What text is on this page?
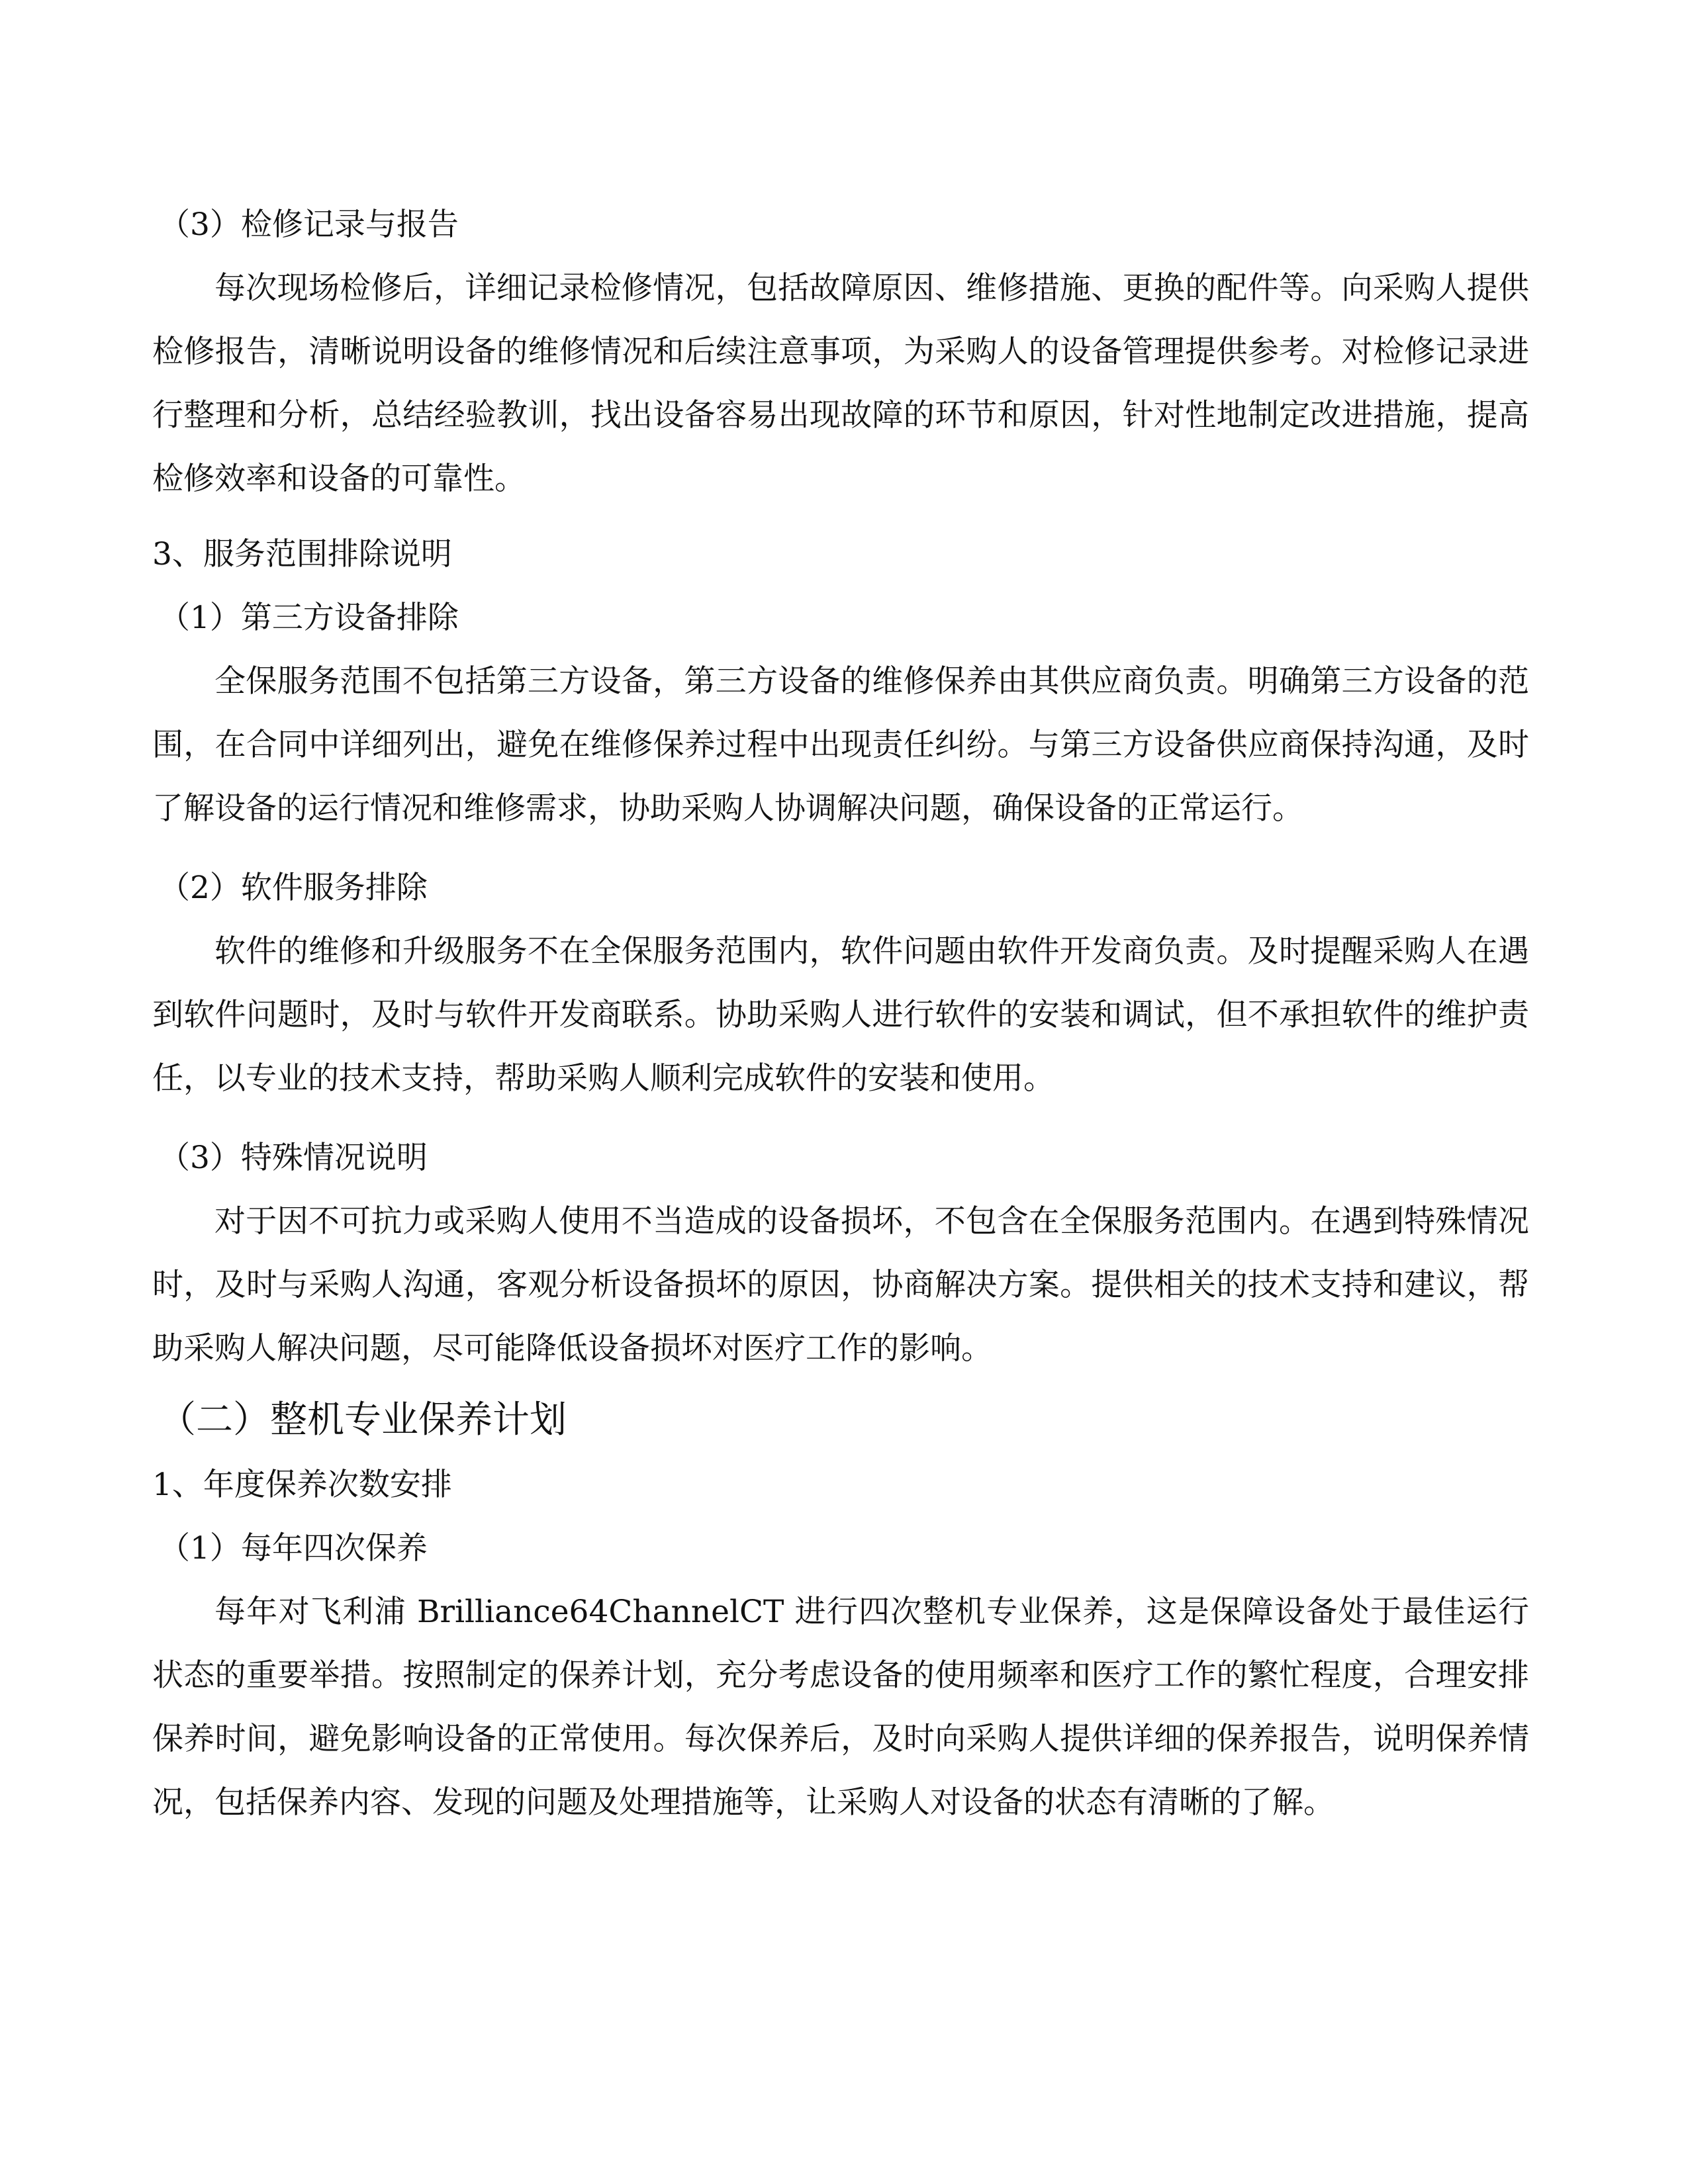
（3）检修记录与报告

每次现场检修后，详细记录检修情况，包括故障原因、维修措施、更换的配件等。向采购人提供检修报告，清晰说明设备的维修情况和后续注意事项，为采购人的设备管理提供参考。对检修记录进行整理和分析，总结经验教训，找出设备容易出现故障的环节和原因，针对性地制定改进措施，提高检修效率和设备的可靠性。

3、服务范围排除说明

（1）第三方设备排除

全保服务范围不包括第三方设备，第三方设备的维修保养由其供应商负责。明确第三方设备的范围，在合同中详细列出，避免在维修保养过程中出现责任纠纷。与第三方设备供应商保持沟通，及时了解设备的运行情况和维修需求，协助采购人协调解决问题，确保设备的正常运行。

（2）软件服务排除

软件的维修和升级服务不在全保服务范围内，软件问题由软件开发商负责。及时提醒采购人在遇到软件问题时，及时与软件开发商联系。协助采购人进行软件的安装和调试，但不承担软件的维护责任，以专业的技术支持，帮助采购人顺利完成软件的安装和使用。

（3）特殊情况说明

对于因不可抗力或采购人使用不当造成的设备损坏，不包含在全保服务范围内。在遇到特殊情况时，及时与采购人沟通，客观分析设备损坏的原因，协商解决方案。提供相关的技术支持和建议，帮助采购人解决问题，尽可能降低设备损坏对医疗工作的影响。

（二）整机专业保养计划

1、年度保养次数安排

（1）每年四次保养

每年对飞利浦 Brilliance64ChannelCT 进行四次整机专业保养，这是保障设备处于最佳运行状态的重要举措。按照制定的保养计划，充分考虑设备的使用频率和医疗工作的繁忙程度，合理安排保养时间，避免影响设备的正常使用。每次保养后，及时向采购人提供详细的保养报告，说明保养情况，包括保养内容、发现的问题及处理措施等，让采购人对设备的状态有清晰的了解。
